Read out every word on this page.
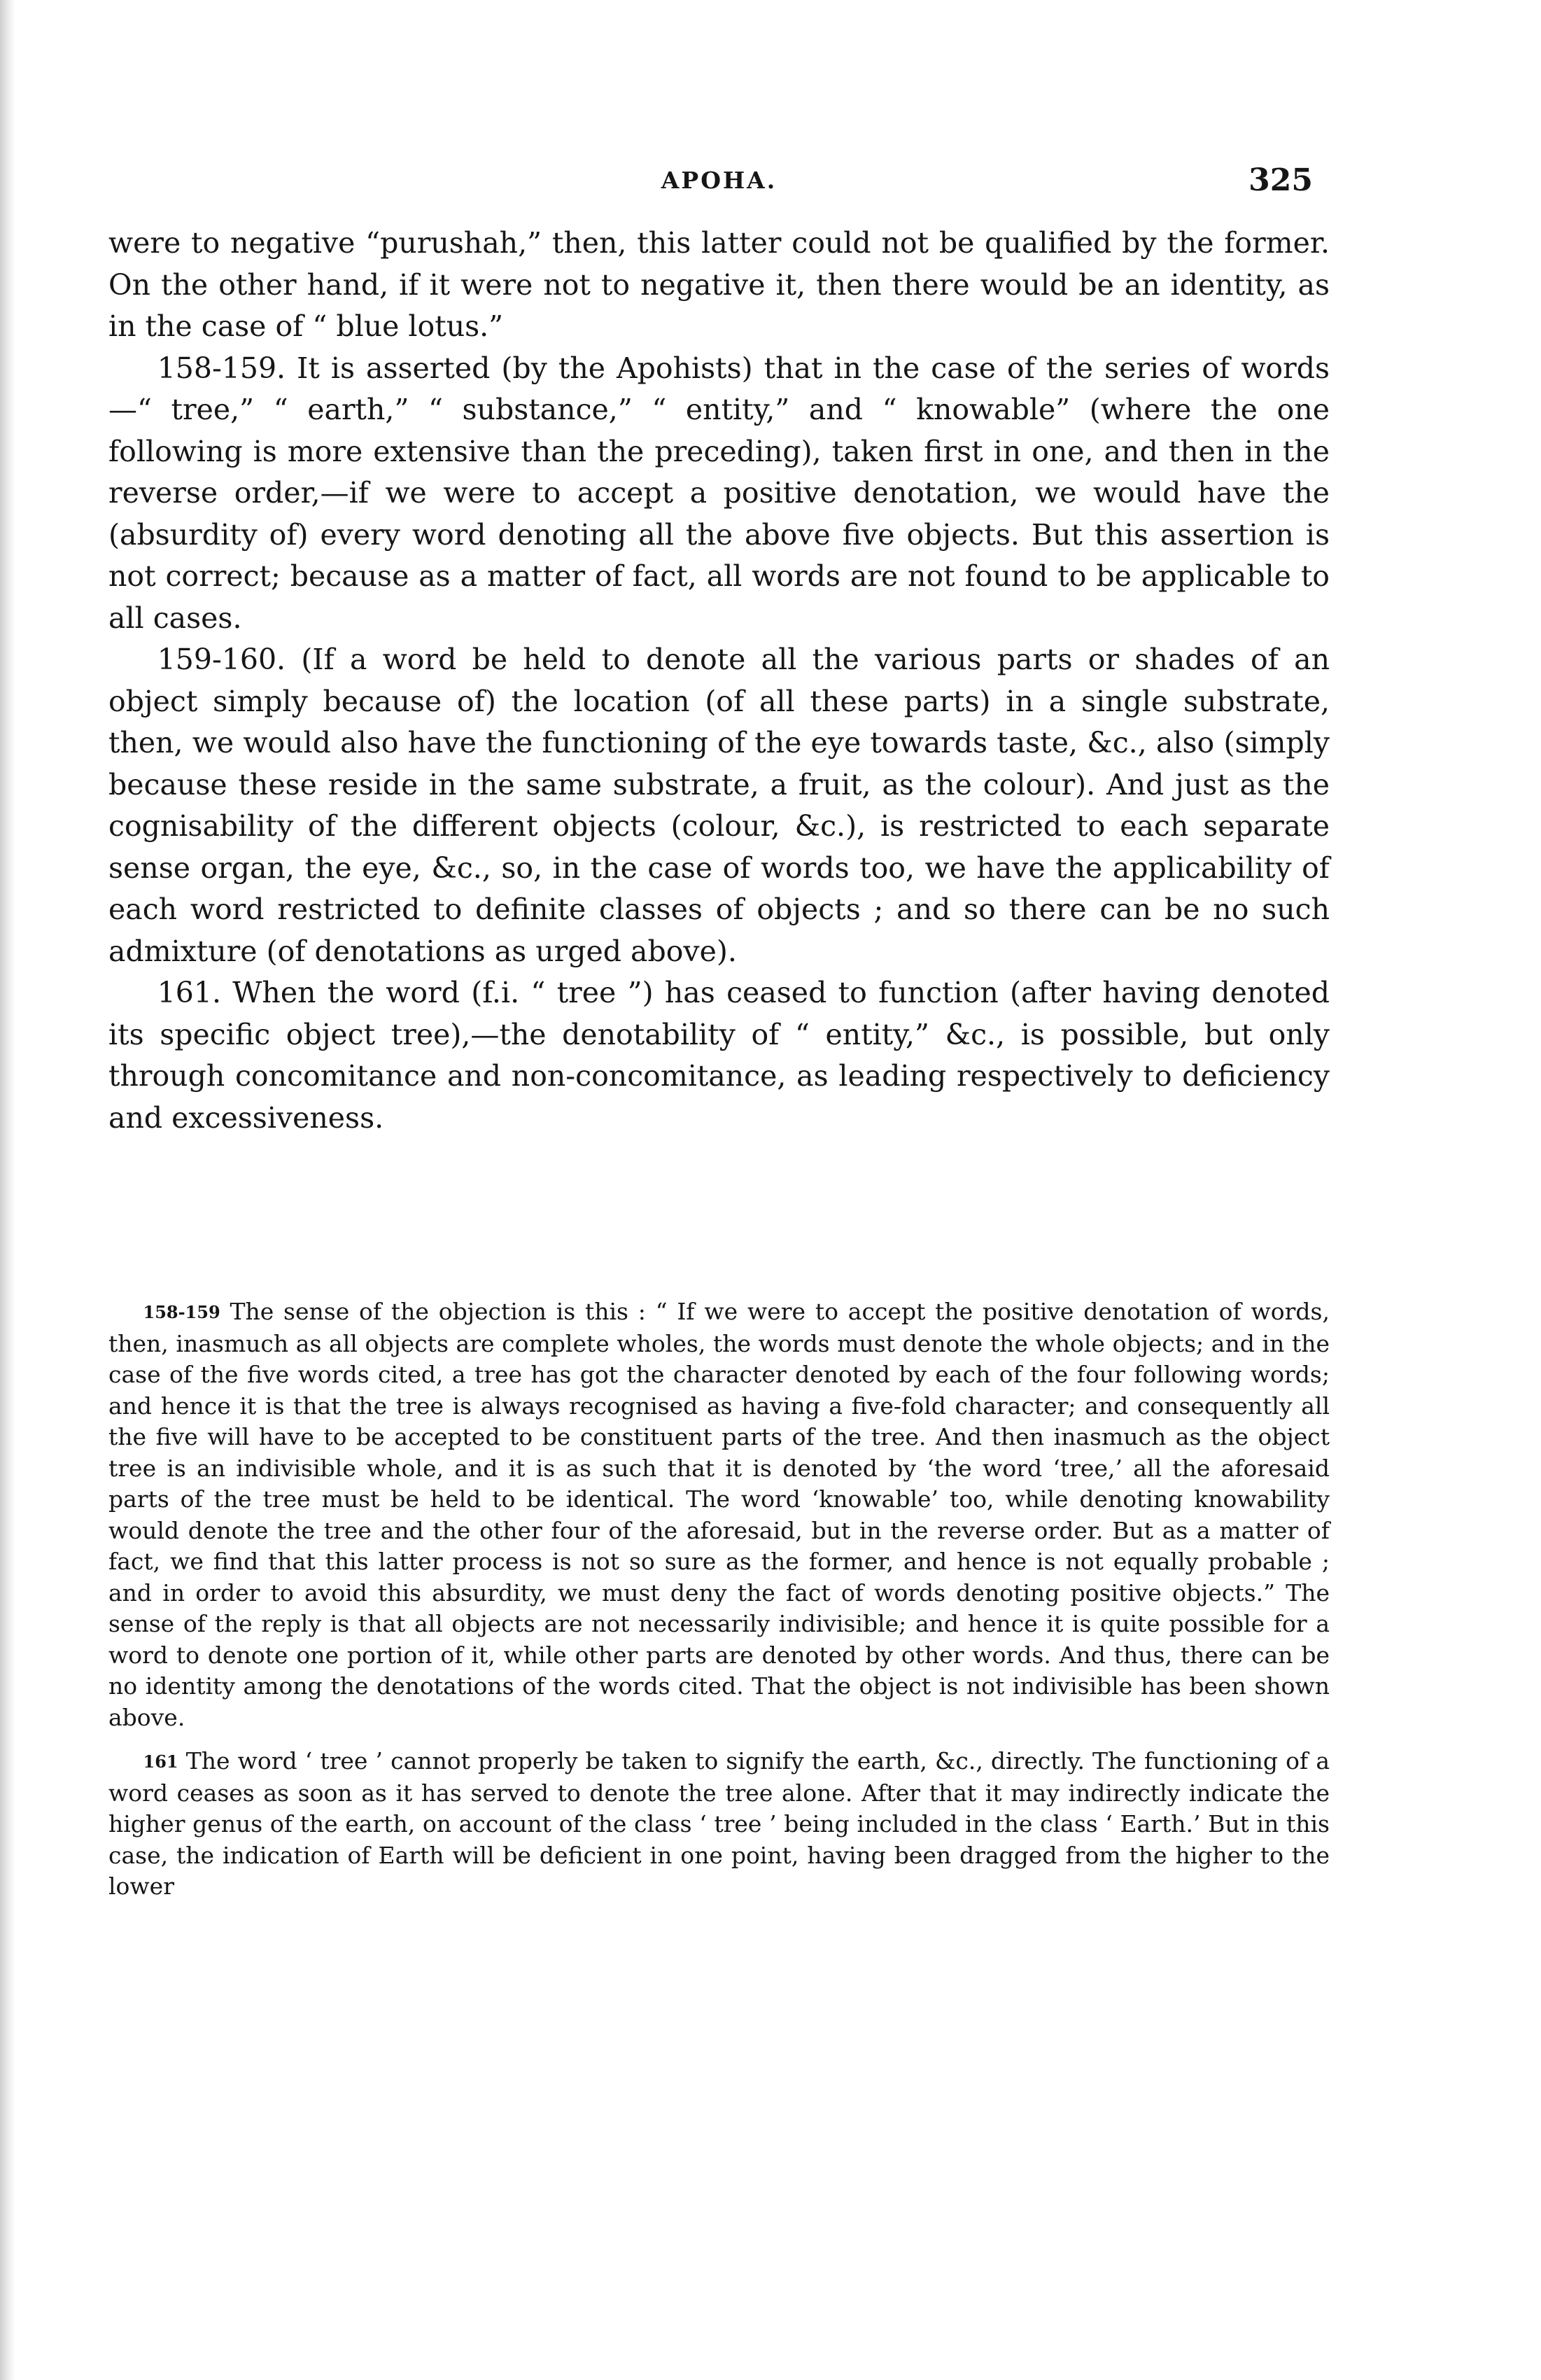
APOHA.	325

were to negative “purushah,” then, this latter could not be qualified by the former. On the other hand, if it were not to negative it, then there would be an identity, as in the case of “ blue lotus.”

158-159. It is asserted (by the Apohists) that in the case of the series of words—“ tree,” “ earth,” “ substance,” “ entity,” and “ knowable” (where the one following is more extensive than the preceding), taken first in one, and then in the reverse order,—if we were to accept a positive denotation, we would have the (absurdity of) every word denoting all the above five objects. But this assertion is not correct; because as a matter of fact, all words are not found to be applicable to all cases.

159-160. (If a word be held to denote all the various parts or shades of an object simply because of) the location (of all these parts) in a single substrate, then, we would also have the functioning of the eye towards taste, &c., also (simply because these reside in the same substrate, a fruit, as the colour). And just as the cognisability of the different objects (colour, &c.), is restricted to each separate sense organ, the eye, &c., so, in the case of words too, we have the applicability of each word restricted to definite classes of objects ; and so there can be no such admixture (of denotations as urged above).

161. When the word (f.i. “ tree ”) has ceased to function (after having denoted its specific object tree),—the denotability of “ entity,” &c., is possible, but only through concomitance and non-concomitance, as leading respectively to deficiency and excessiveness.

158-159 The sense of the objection is this : “ If we were to accept the positive denotation of words, then, inasmuch as all objects are complete wholes, the words must denote the whole objects; and in the case of the five words cited, a tree has got the character denoted by each of the four following words; and hence it is that the tree is always recognised as having a five-fold character; and consequently all the five will have to be accepted to be constituent parts of the tree. And then inasmuch as the object tree is an indivisible whole, and it is as such that it is denoted by ‘the word ‘tree,’ all the aforesaid parts of the tree must be held to be identical. The word ‘knowable’ too, while denoting knowability would denote the tree and the other four of the aforesaid, but in the reverse order. But as a matter of fact, we find that this latter process is not so sure as the former, and hence is not equally probable ; and in order to avoid this absurdity, we must deny the fact of words denoting positive objects.” The sense of the reply is that all objects are not necessarily indivisible; and hence it is quite possible for a word to denote one portion of it, while other parts are denoted by other words. And thus, there can be no identity among the denotations of the words cited. That the object is not indivisible has been shown above.

161 The word ‘ tree ’ cannot properly be taken to signify the earth, &c., directly. The functioning of a word ceases as soon as it has served to denote the tree alone. After that it may indirectly indicate the higher genus of the earth, on account of the class ‘ tree ’ being included in the class ‘ Earth.’ But in this case, the indication of Earth will be deficient in one point, having been dragged from the higher to the lower
